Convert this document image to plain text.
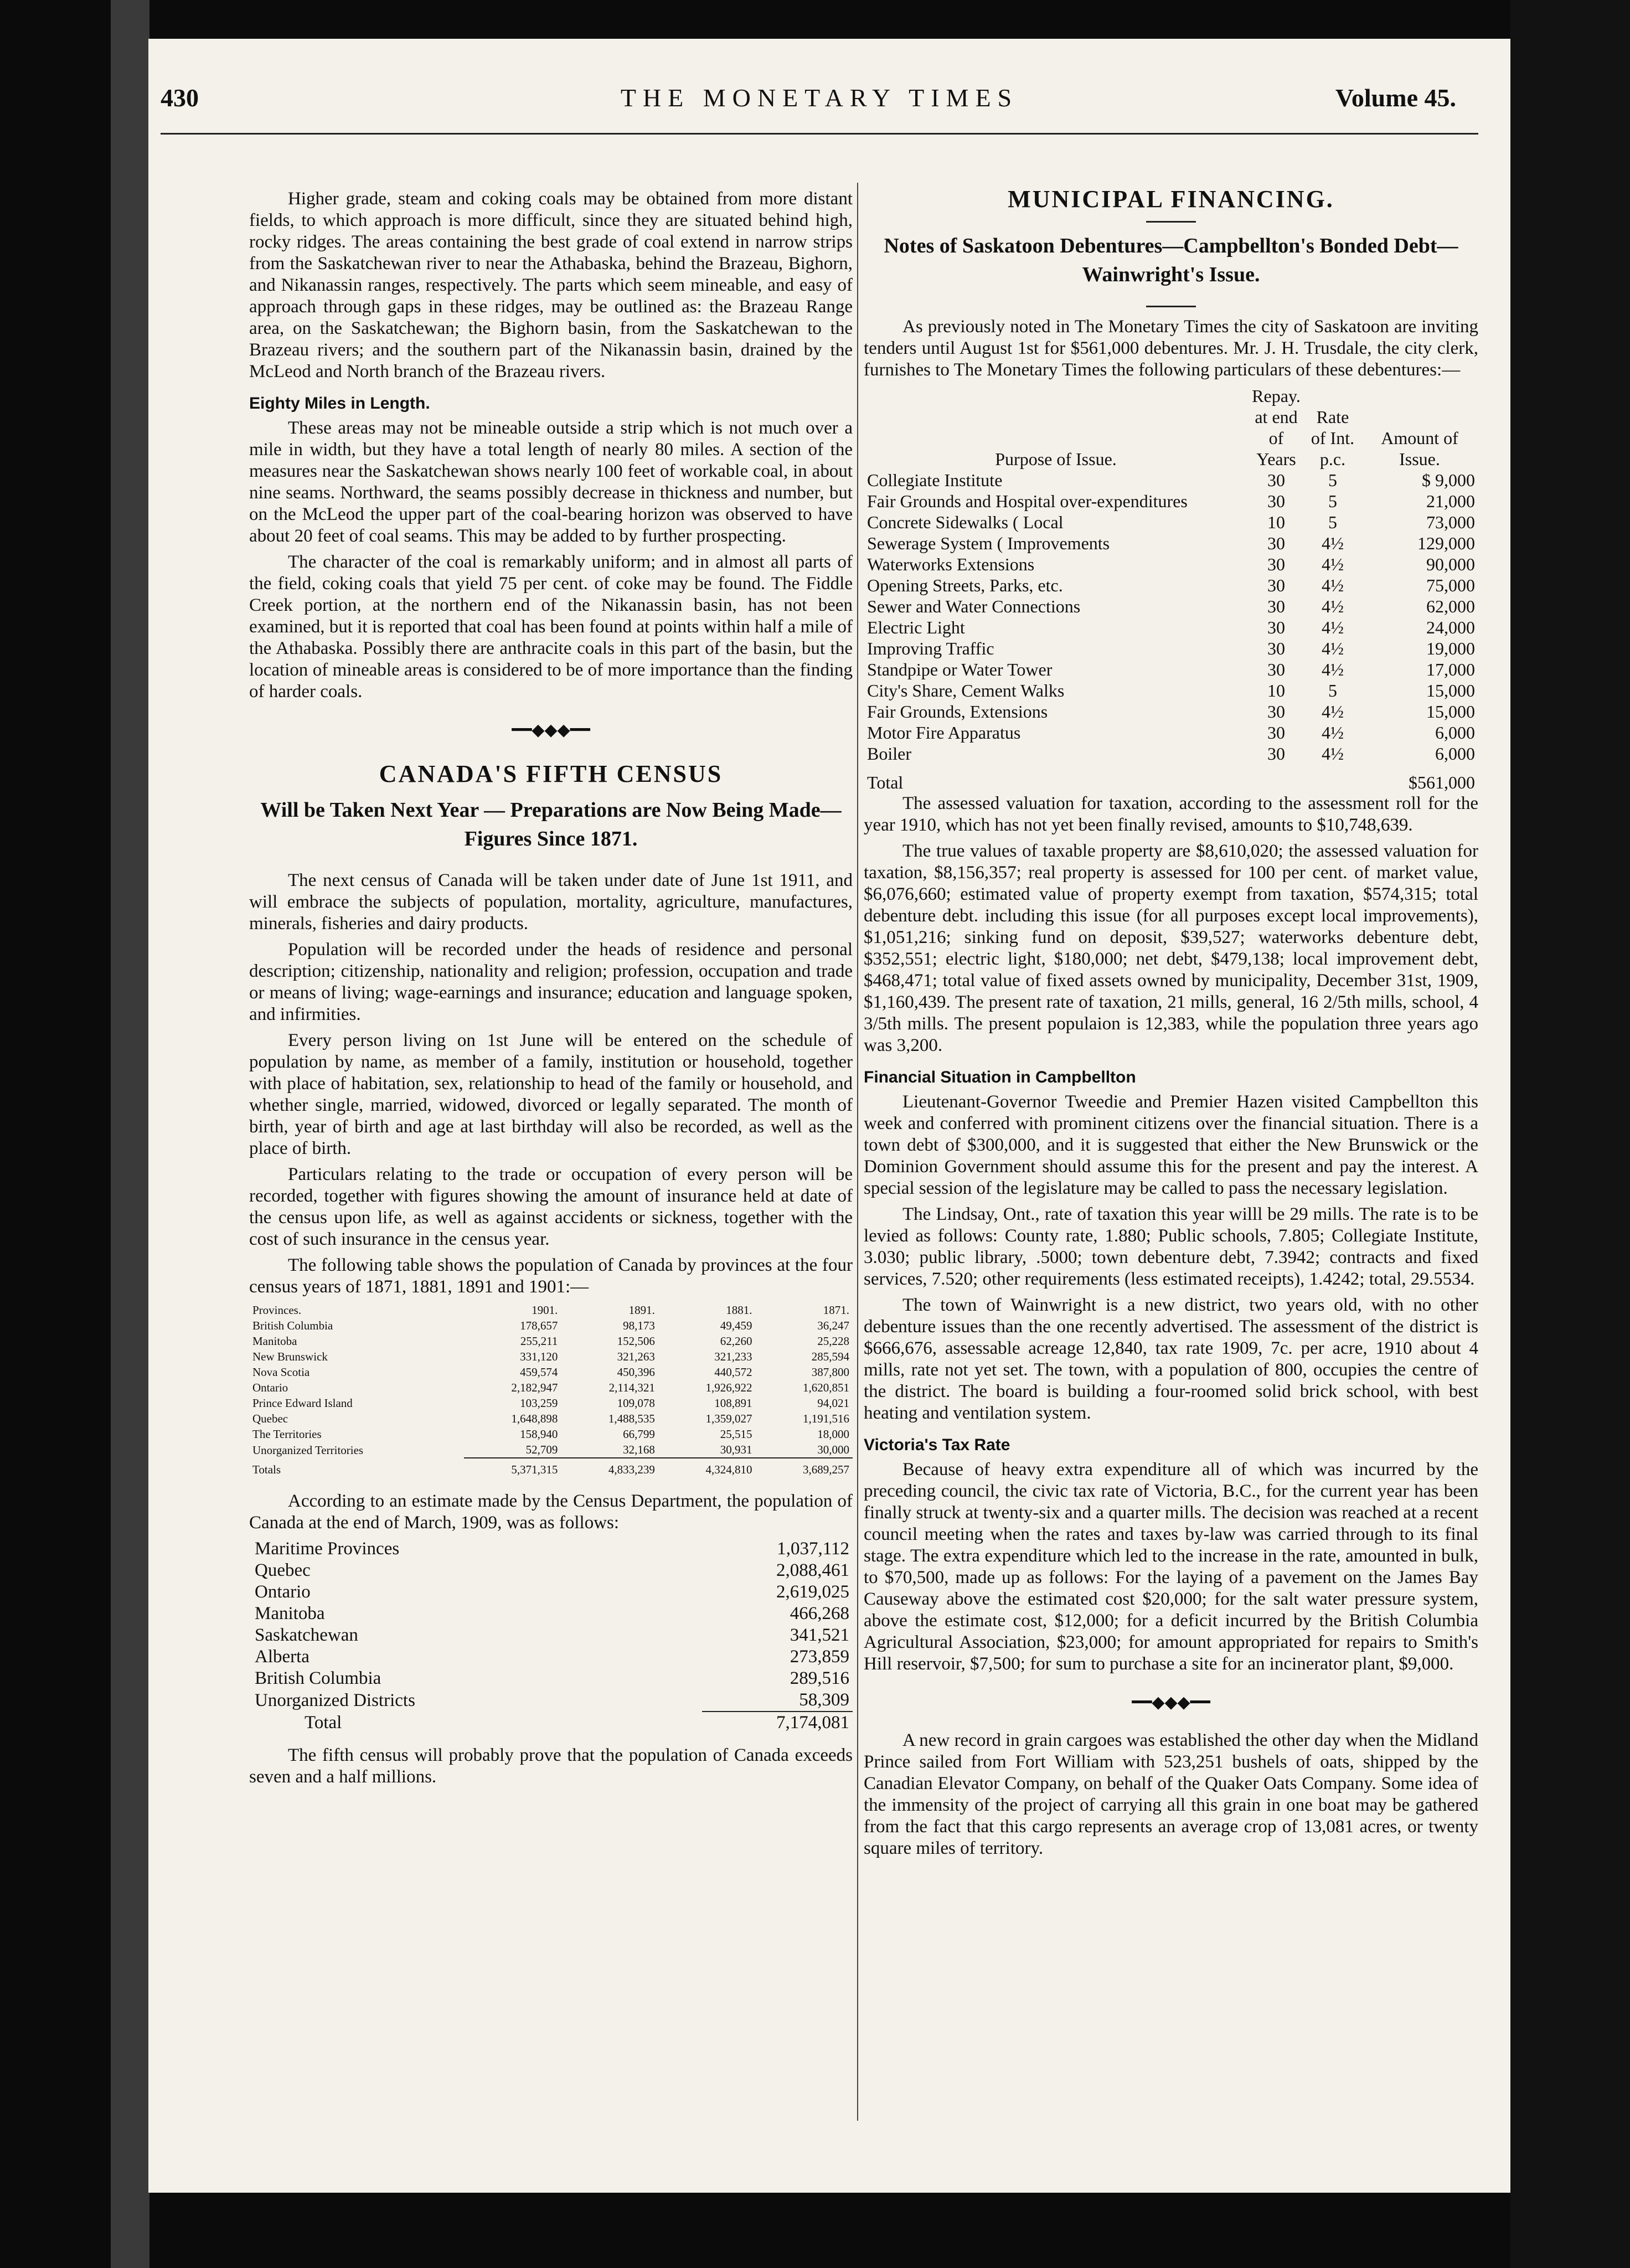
430	THE MONETARY TIMES	Volume 45.

Higher grade, steam and coking coals may be obtained from more distant fields, to which approach is more difficult, since they are situated behind high, rocky ridges. The areas containing the best grade of coal extend in narrow strips from the Saskatchewan river to near the Athabaska, behind the Brazeau, Bighorn, and Nikanassin ranges, respectively. The parts which seem mineable, and easy of approach through gaps in these ridges, may be outlined as: the Brazeau Range area, on the Saskatchewan; the Bighorn basin, from the Saskatchewan to the Brazeau rivers; and the southern part of the Nikanassin basin, drained by the McLeod and North branch of the Brazeau rivers.

Eighty Miles in Length.

These areas may not be mineable outside a strip which is not much over a mile in width, but they have a total length of nearly 80 miles. A section of the measures near the Saskatchewan shows nearly 100 feet of workable coal, in about nine seams. Northward, the seams possibly decrease in thickness and number, but on the McLeod the upper part of the coal-bearing horizon was observed to have about 20 feet of coal seams. This may be added to by further prospecting.

The character of the coal is remarkably uniform; and in almost all parts of the field, coking coals that yield 75 per cent. of coke may be found. The Fiddle Creek portion, at the northern end of the Nikanassin basin, has not been examined, but it is reported that coal has been found at points within half a mile of the Athabaska. Possibly there are anthracite coals in this part of the basin, but the location of mineable areas is considered to be of more importance than the finding of harder coals.

━━◆◆◆━━
CANADA'S FIFTH CENSUS
Will be Taken Next Year — Preparations are Now Being Made—Figures Since 1871.

The next census of Canada will be taken under date of June 1st 1911, and will embrace the subjects of population, mortality, agriculture, manufactures, minerals, fisheries and dairy products.

Population will be recorded under the heads of residence and personal description; citizenship, nationality and religion; profession, occupation and trade or means of living; wage-earnings and insurance; education and language spoken, and infirmities.

Every person living on 1st June will be entered on the schedule of population by name, as member of a family, institution or household, together with place of habitation, sex, relationship to head of the family or household, and whether single, married, widowed, divorced or legally separated. The month of birth, year of birth and age at last birthday will also be recorded, as well as the place of birth.

Particulars relating to the trade or occupation of every person will be recorded, together with figures showing the amount of insurance held at date of the census upon life, as well as against accidents or sickness, together with the cost of such insurance in the census year.

The following table shows the population of Canada by provinces at the four census years of 1871, 1881, 1891 and 1901:—

Provinces.	1901.	1891.	1881.	1871.
British Columbia	178,657	98,173	49,459	36,247
Manitoba	255,211	152,506	62,260	25,228
New Brunswick	331,120	321,263	321,233	285,594
Nova Scotia	459,574	450,396	440,572	387,800
Ontario	2,182,947	2,114,321	1,926,922	1,620,851
Prince Edward Island	103,259	109,078	108,891	94,021
Quebec	1,648,898	1,488,535	1,359,027	1,191,516
The Territories	158,940	66,799	25,515	18,000
Unorganized Territories	52,709	32,168	30,931	30,000
Totals	5,371,315	4,833,239	4,324,810	3,689,257

According to an estimate made by the Census Department, the population of Canada at the end of March, 1909, was as follows:

Maritime Provinces	1,037,112
Quebec	2,088,461
Ontario	2,619,025
Manitoba	466,268
Saskatchewan	341,521
Alberta	273,859
British Columbia	289,516
Unorganized Districts	58,309
Total	7,174,081

The fifth census will probably prove that the population of Canada exceeds seven and a half millions.

MUNICIPAL FINANCING.
Notes of Saskatoon Debentures—Campbellton's Bonded Debt—Wainwright's Issue.

As previously noted in The Monetary Times the city of Saskatoon are inviting tenders until August 1st for $561,000 debentures. Mr. J. H. Trusdale, the city clerk, furnishes to The Monetary Times the following particulars of these debentures:—

Purpose of Issue.	Repay. at end of Years	Rate of Int. p.c.	Amount of Issue.
Collegiate Institute	30	5	$ 9,000
Fair Grounds and Hospital over-expenditures	30	5	21,000
Concrete Sidewalks ( Local	10	5	73,000
Sewerage System ( Improvements	30	4½	129,000
Waterworks Extensions	30	4½	90,000
Opening Streets, Parks, etc.	30	4½	75,000
Sewer and Water Connections	30	4½	62,000
Electric Light	30	4½	24,000
Improving Traffic	30	4½	19,000
Standpipe or Water Tower	30	4½	17,000
City's Share, Cement Walks	10	5	15,000
Fair Grounds, Extensions	30	4½	15,000
Motor Fire Apparatus	30	4½	6,000
Boiler	30	4½	6,000
Total			$561,000

The assessed valuation for taxation, according to the assessment roll for the year 1910, which has not yet been finally revised, amounts to $10,748,639.

The true values of taxable property are $8,610,020; the assessed valuation for taxation, $8,156,357; real property is assessed for 100 per cent. of market value, $6,076,660; estimated value of property exempt from taxation, $574,315; total debenture debt. including this issue (for all purposes except local improvements), $1,051,216; sinking fund on deposit, $39,527; waterworks debenture debt, $352,551; electric light, $180,000; net debt, $479,138; local improvement debt, $468,471; total value of fixed assets owned by municipality, December 31st, 1909, $1,160,439. The present rate of taxation, 21 mills, general, 16 2/5th mills, school, 4 3/5th mills. The present populaion is 12,383, while the population three years ago was 3,200.

Financial Situation in Campbellton

Lieutenant-Governor Tweedie and Premier Hazen visited Campbellton this week and conferred with prominent citizens over the financial situation. There is a town debt of $300,000, and it is suggested that either the New Brunswick or the Dominion Government should assume this for the present and pay the interest. A special session of the legislature may be called to pass the necessary legislation.

The Lindsay, Ont., rate of taxation this year willl be 29 mills. The rate is to be levied as follows: County rate, 1.880; Public schools, 7.805; Collegiate Institute, 3.030; public library, .5000; town debenture debt, 7.3942; contracts and fixed services, 7.520; other requirements (less estimated receipts), 1.4242; total, 29.5534.

The town of Wainwright is a new district, two years old, with no other debenture issues than the one recently advertised. The assessment of the district is $666,676, assessable acreage 12,840, tax rate 1909, 7c. per acre, 1910 about 4 mills, rate not yet set. The town, with a population of 800, occupies the centre of the district. The board is building a four-roomed solid brick school, with best heating and ventilation system.

Victoria's Tax Rate

Because of heavy extra expenditure all of which was incurred by the preceding council, the civic tax rate of Victoria, B.C., for the current year has been finally struck at twenty-six and a quarter mills. The decision was reached at a recent council meeting when the rates and taxes by-law was carried through to its final stage. The extra expenditure which led to the increase in the rate, amounted in bulk, to $70,500, made up as follows: For the laying of a pavement on the James Bay Causeway above the estimated cost $20,000; for the salt water pressure system, above the estimate cost, $12,000; for a deficit incurred by the British Columbia Agricultural Association, $23,000; for amount appropriated for repairs to Smith's Hill reservoir, $7,500; for sum to purchase a site for an incinerator plant, $9,000.

━━◆◆◆━━

A new record in grain cargoes was established the other day when the Midland Prince sailed from Fort William with 523,251 bushels of oats, shipped by the Canadian Elevator Company, on behalf of the Quaker Oats Company. Some idea of the immensity of the project of carrying all this grain in one boat may be gathered from the fact that this cargo represents an average crop of 13,081 acres, or twenty square miles of territory.
